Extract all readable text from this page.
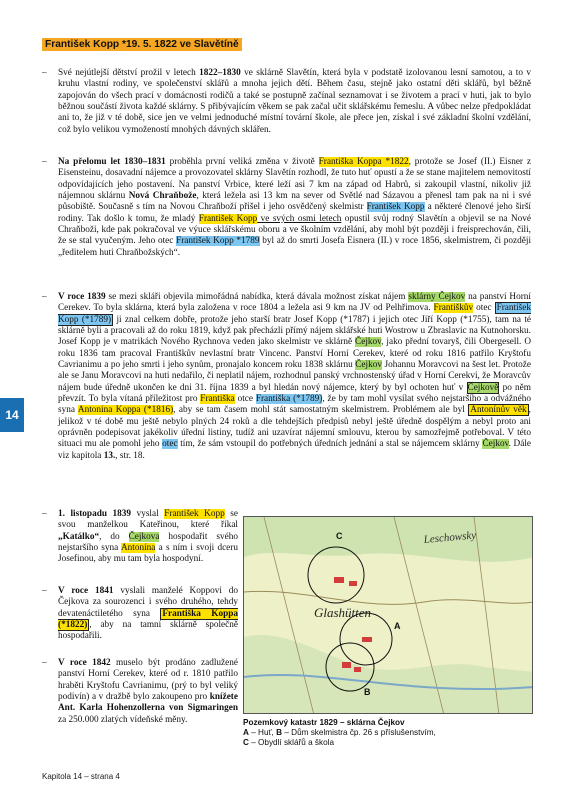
František Kopp *19. 5. 1822 ve Slavětíně
–	Své nejútlejší dětství prožil v letech 1822–1830 ve sklárně Slavětín, která byla v podstatě izolovanou lesní samotou, a to v kruhu vlastní rodiny, ve společenství sklářů a mnoha jejich dětí. Během času, stejně jako ostatní děti sklářů, byl běžně zapojován do všech prací v domácnosti rodičů a také se postupně začínal seznamovat i se životem a prací v huti, jak to bylo běžnou součástí života každé sklárny. S přibývajícím věkem se pak začal učit sklářskému řemeslu. A vůbec nelze předpokládat ani to, že již v té době, sice jen ve velmi jednoduché místní tovární škole, ale přece jen, získal i své základní školní vzdělání, což bylo velikou vymožeností mnohých dávných sklářen.
–	Na přelomu let 1830–1831 proběhla první veliká změna v životě Františka Koppa *1822, protože se Josef (II.) Eisner z Eisensteinu, dosavadní nájemce a provozovatel sklárny Slavětín rozhodl, že tuto huť opustí a že se stane majitelem nemovitostí odpovídajících jeho postavení. Na panství Vrbice, které leží asi 7 km na západ od Habrů, si zakoupil vlastní, nikoliv již nájemnou sklárnu Nová Chraňbože, která ležela asi 13 km na sever od Světlé nad Sázavou a přenesl tam pak na ni i své působiště. Současně s tím na Novou Chraňboží přišel i jeho osvědčený skelmistr František Kopp a některé členové jeho širší rodiny. Tak došlo k tomu, že mladý František Kopp ve svých osmi letech opustil svůj rodný Slavětín a objevil se na Nové Chraňboži, kde pak pokračoval ve výuce sklářskému oboru a ve školním vzdělání, aby mohl být později i freisprechován, čili, že se stal vyučeným. Jeho otec František Kopp *1789 byl až do smrti Josefa Eisnera (II.) v roce 1856, skelmistrem, či později „ředitelem huti Chraňbožských“.
–	V roce 1839 se mezi skláři objevila mimořádná nabídka, která dávala možnost získat nájem sklárny Čejkov na panství Horní Cerekev. To byla sklárna, která byla založena v roce 1804 a ležela asi 9 km na JV od Pelhřimova. Františkův otec František Kopp (*1789) ji znal celkem dobře, protože jeho starší bratr Josef Kopp (*1787) i jejich otec Jiří Kopp (*1755), tam na té sklárně byli a pracovali až do roku 1819, když pak přecházli přímý nájem sklářské huti Wostrow u Zbraslavic na Kutnohorsku. Josef Kopp je v matrikách Nového Rychnova veden jako skelmistr ve sklárně Čejkov, jako přední tovaryš, čili Obergesell. O roku 1836 tam pracoval Františkův nevlastní bratr Vincenc. Panství Horní Cerekev, které od roku 1816 patřilo Kryštofu Cavrianimu a po jeho smrti i jeho synům, pronajalo koncem roku 1838 sklárnu Čejkov Johannu Moravcovi na šest let. Protože ale se Janu Moravcovi na huti nedařilo, či neplatil nájem, rozhodnul panský vrchnostenský úřad v Horní Cerekvi, že Moravcův nájem bude úředně ukončen ke dni 31. října 1839 a byl hledán nový nájemce, který by byl ochoten huť v Čejkově po něm převzít. To byla vítaná příležitost pro Františka otce Františka (*1789), že by tam mohl vysílat svého nejstaršího a odvážného syna Antonína Koppa (*1816), aby se tam časem mohl stát samostatným skelmistrem. Problémem ale byl Antonínův věk , jelikož v té době mu ještě nebylo plných 24 roků a dle tehdejších předpisů nebyl ještě úředně dospělým a nebyl proto ani oprávněn podepisovat jakékoliv úřední listiny, tudíž ani uzavírat nájemní smlouvu, kterou by samozřejmě potřeboval. V této situaci mu ale pomohl jeho otec tím, že sám vstoupil do potřebných úředních jednání a stal se nájemcem sklárny Čejkov. Dále viz kapitola 13., str. 18.
14
– 1. listopadu 1839 vyslal František Kopp se svou manželkou Kateřinou, které říkal „Katálko“, do Čejkova hospodařit svého nejstaršího syna Antonína a s ním i svoji dceru Josefinou, aby mu tam byla hospodyní.
– V roce 1841 vyslali manželé Koppovi do Čejkova za sourozenci i svého druhého, tehdy devatenáctiletého syna Františka Koppa (*1822) , aby na tamní sklárně společně hospodařili.
– V roce 1842 muselo být prodáno zadlužené panství Horní Cerekev, které od r. 1810 patřilo hraběti Kryštofu Cavrianimu, (prý to byl veliký podivín) a v dražbě bylo zakoupeno pro knížete Ant. Karla Hohenzollerna von Sigmaringen za 250.000 zlatých vídeňské měny.
Leschowsky
Glashütten
C
A
B
Pozemkový katastr 1829 – sklárna Čejkov
A – Huť, B – Dům skelmistra čp. 26 s příslušenstvím,
C – Obydlí sklářů a škola
Kapitola 14 – strana 4
